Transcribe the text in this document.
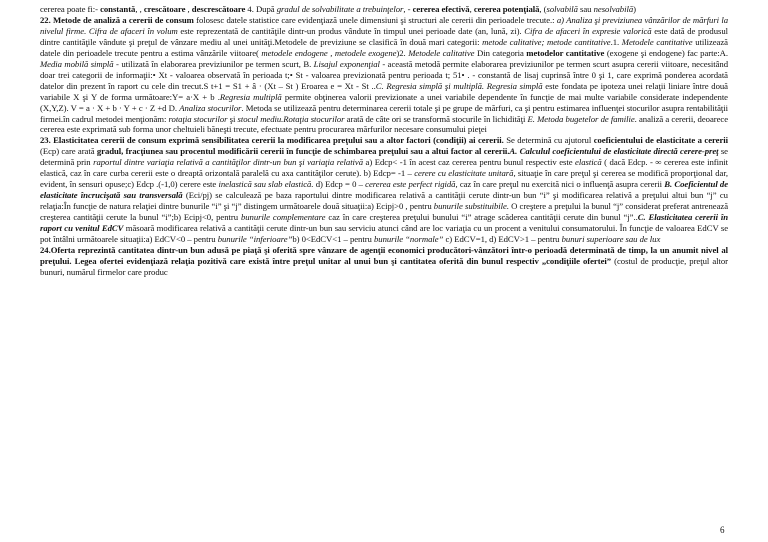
cererea poate fi:- constantă, , crescătoare , descrescătoare 4. După gradul de solvabilitate a trebuinţelor, - cererea efectivă, cererea potenţială, (solvabilă sau nesolvabilă)

22. Metode de analiză a cererii de consum folosesc datele statistice care evidenţiază unele dimensiuni şi structuri ale cererii din perioadele trecute.: a) Analiza şi previziunea vânzărilor de mărfuri la nivelul firme. Cifra de afaceri în volum este reprezentată de cantităţile dintr-un produs vândute în timpul unei perioade date (an, lună, zi). Cifra de afaceri în expresie valorică este dată de produsul dintre cantităţile vândute şi preţul de vânzare mediu al unei unităţi.Metodele de previziune se clasifică în două mari categorii: metode calitative; metode cantitative.1. Metodele cantitative utilizează datele din perioadele trecute pentru a estima vânzările viitoare( metodele endogene , metodele exogene)2. Metodele calitative Din categoria metodelor cantitative (exogene şi endogene) fac parte:A. Media mobilă simplă - utilizată în elaborarea previziunilor pe termen scurt, B. Lisajul exponenţial - această metodă permite elaborarea previziunilor pe termen scurt asupra cererii viitoare, necesitând doar trei categorii de informaţii:• Xt - valoarea observată în perioada t;• St - valoarea previzionată pentru perioada t; 51• . - constantă de lisaj cuprinsă între 0 şi 1, care exprimă ponderea acordată datelor din prezent în raport cu cele din trecut.S t+1 = S1 + â · (Xt – St ) Eroarea e = Xt - St ..C. Regresia simplă şi multiplă. Regresia simplă este fondata pe ipoteza unei relaţii liniare între două variabile X şi Y de forma următoare:Y= a·X + b .Regresia multiplă permite obţinerea valorii previzionate a unei variabile dependente în funcţie de mai multe variabile considerate independente (X,Y,Z). V = a · X + b · Y + c · Z +d D. Analiza stocurilor. Metoda se utilizează pentru determinarea cererii totale şi pe grupe de mărfuri, ca şi pentru estimarea influenţei stocurilor asupra rentabilităţii firmei.în cadrul metodei menţionăm: rotaţia stocurilor şi stocul mediu.Rotaţia stocurilor arată de câte ori se transformă stocurile în lichidităţi E. Metoda bugetelor de familie. analiză a cererii, deoarece cererea este exprimată sub forma unor cheltuieli băneşti trecute, efectuate pentru procurarea mărfurilor necesare consumului pieţei

23. Elasticitatea cererii de consum exprimă sensibilitatea cererii la modificarea preţului sau a altor factori (condiţii) ai cererii. Se determină cu ajutorul coeficientului de elasticitate a cererii (Ecp) care arată gradul, fracţiunea sau procentul modificării cererii în funcţie de schimbarea preţului sau a altui factor al cererii.A. Calculul coeficientului de elasticitate directă cerere-preţ se determină prin raportul dintre variaţia relativă a cantităţilor dintr-un bun şi variaţia relativă a) Edcp< -1 în acest caz cererea pentru bunul respectiv este elastică ( dacă Edcp. - ∞ cererea este infinit elastică, caz în care curba cererii este o dreaptă orizontală paralelă cu axa cantităţilor cerute). b) Edcp= -1 – cerere cu elasticitate unitară, situaţie în care preţul şi cererea se modifică proporţional dar, evident, în sensuri opuse;c) Edcp .(-1,0) cerere este inelastică sau slab elastică. d) Edcp = 0 – cererea este perfect rigidă, caz în care preţul nu exercită nici o influenţă asupra cererii B. Coeficientul de elasticitate încrucişată sau transversală (Eci/pj) se calculează pe baza raportului dintre modificarea relativă a cantităţii cerute dintr-un bun “i” şi modificarea relativă a preţului altui bun “j” cu relaţia:În funcţie de natura relaţiei dintre bunurile “i” şi “j” distingem următoarele două situaţii:a) Ecipj>0 , pentru bunurile substituibile. O creştere a preţului la bunul “j” considerat preferat antrenează creşterea cantităţii cerute la bunul “i”;b) Ecipj<0, pentru bunurile complementare caz în care creşterea preţului bunului “i” atrage scăderea cantităţii cerute din bunul “j”..C. Elasticitatea cererii în raport cu venitul EdCV măsoară modificarea relativă a cantităţii cerute dintr-un bun sau serviciu atunci când are loc variaţia cu un procent a venitului consumatorului. În funcţie de valoarea EdCV se pot întâlni următoarele situaţii:a) EdCV<0 – pentru bunurile “inferioare”b) 0<EdCV<1 – pentru bunurile “normale” c) EdCV=1, d) EdCV>1 – pentru bunuri superioare sau de lux

24.Oferta reprezintă cantitatea dintr-un bun adusă pe piaţă şi oferită spre vânzare de agenţii economici producători-vânzători într-o perioadă determinată de timp, la un anumit nivel al preţului. Legea ofertei evidenţiază relaţia pozitivă care există între preţul unitar al unui bun şi cantitatea oferită din bunul respectiv „condiţiile ofertei” (costul de producţie, preţul altor bunuri, numărul firmelor care produc

6
